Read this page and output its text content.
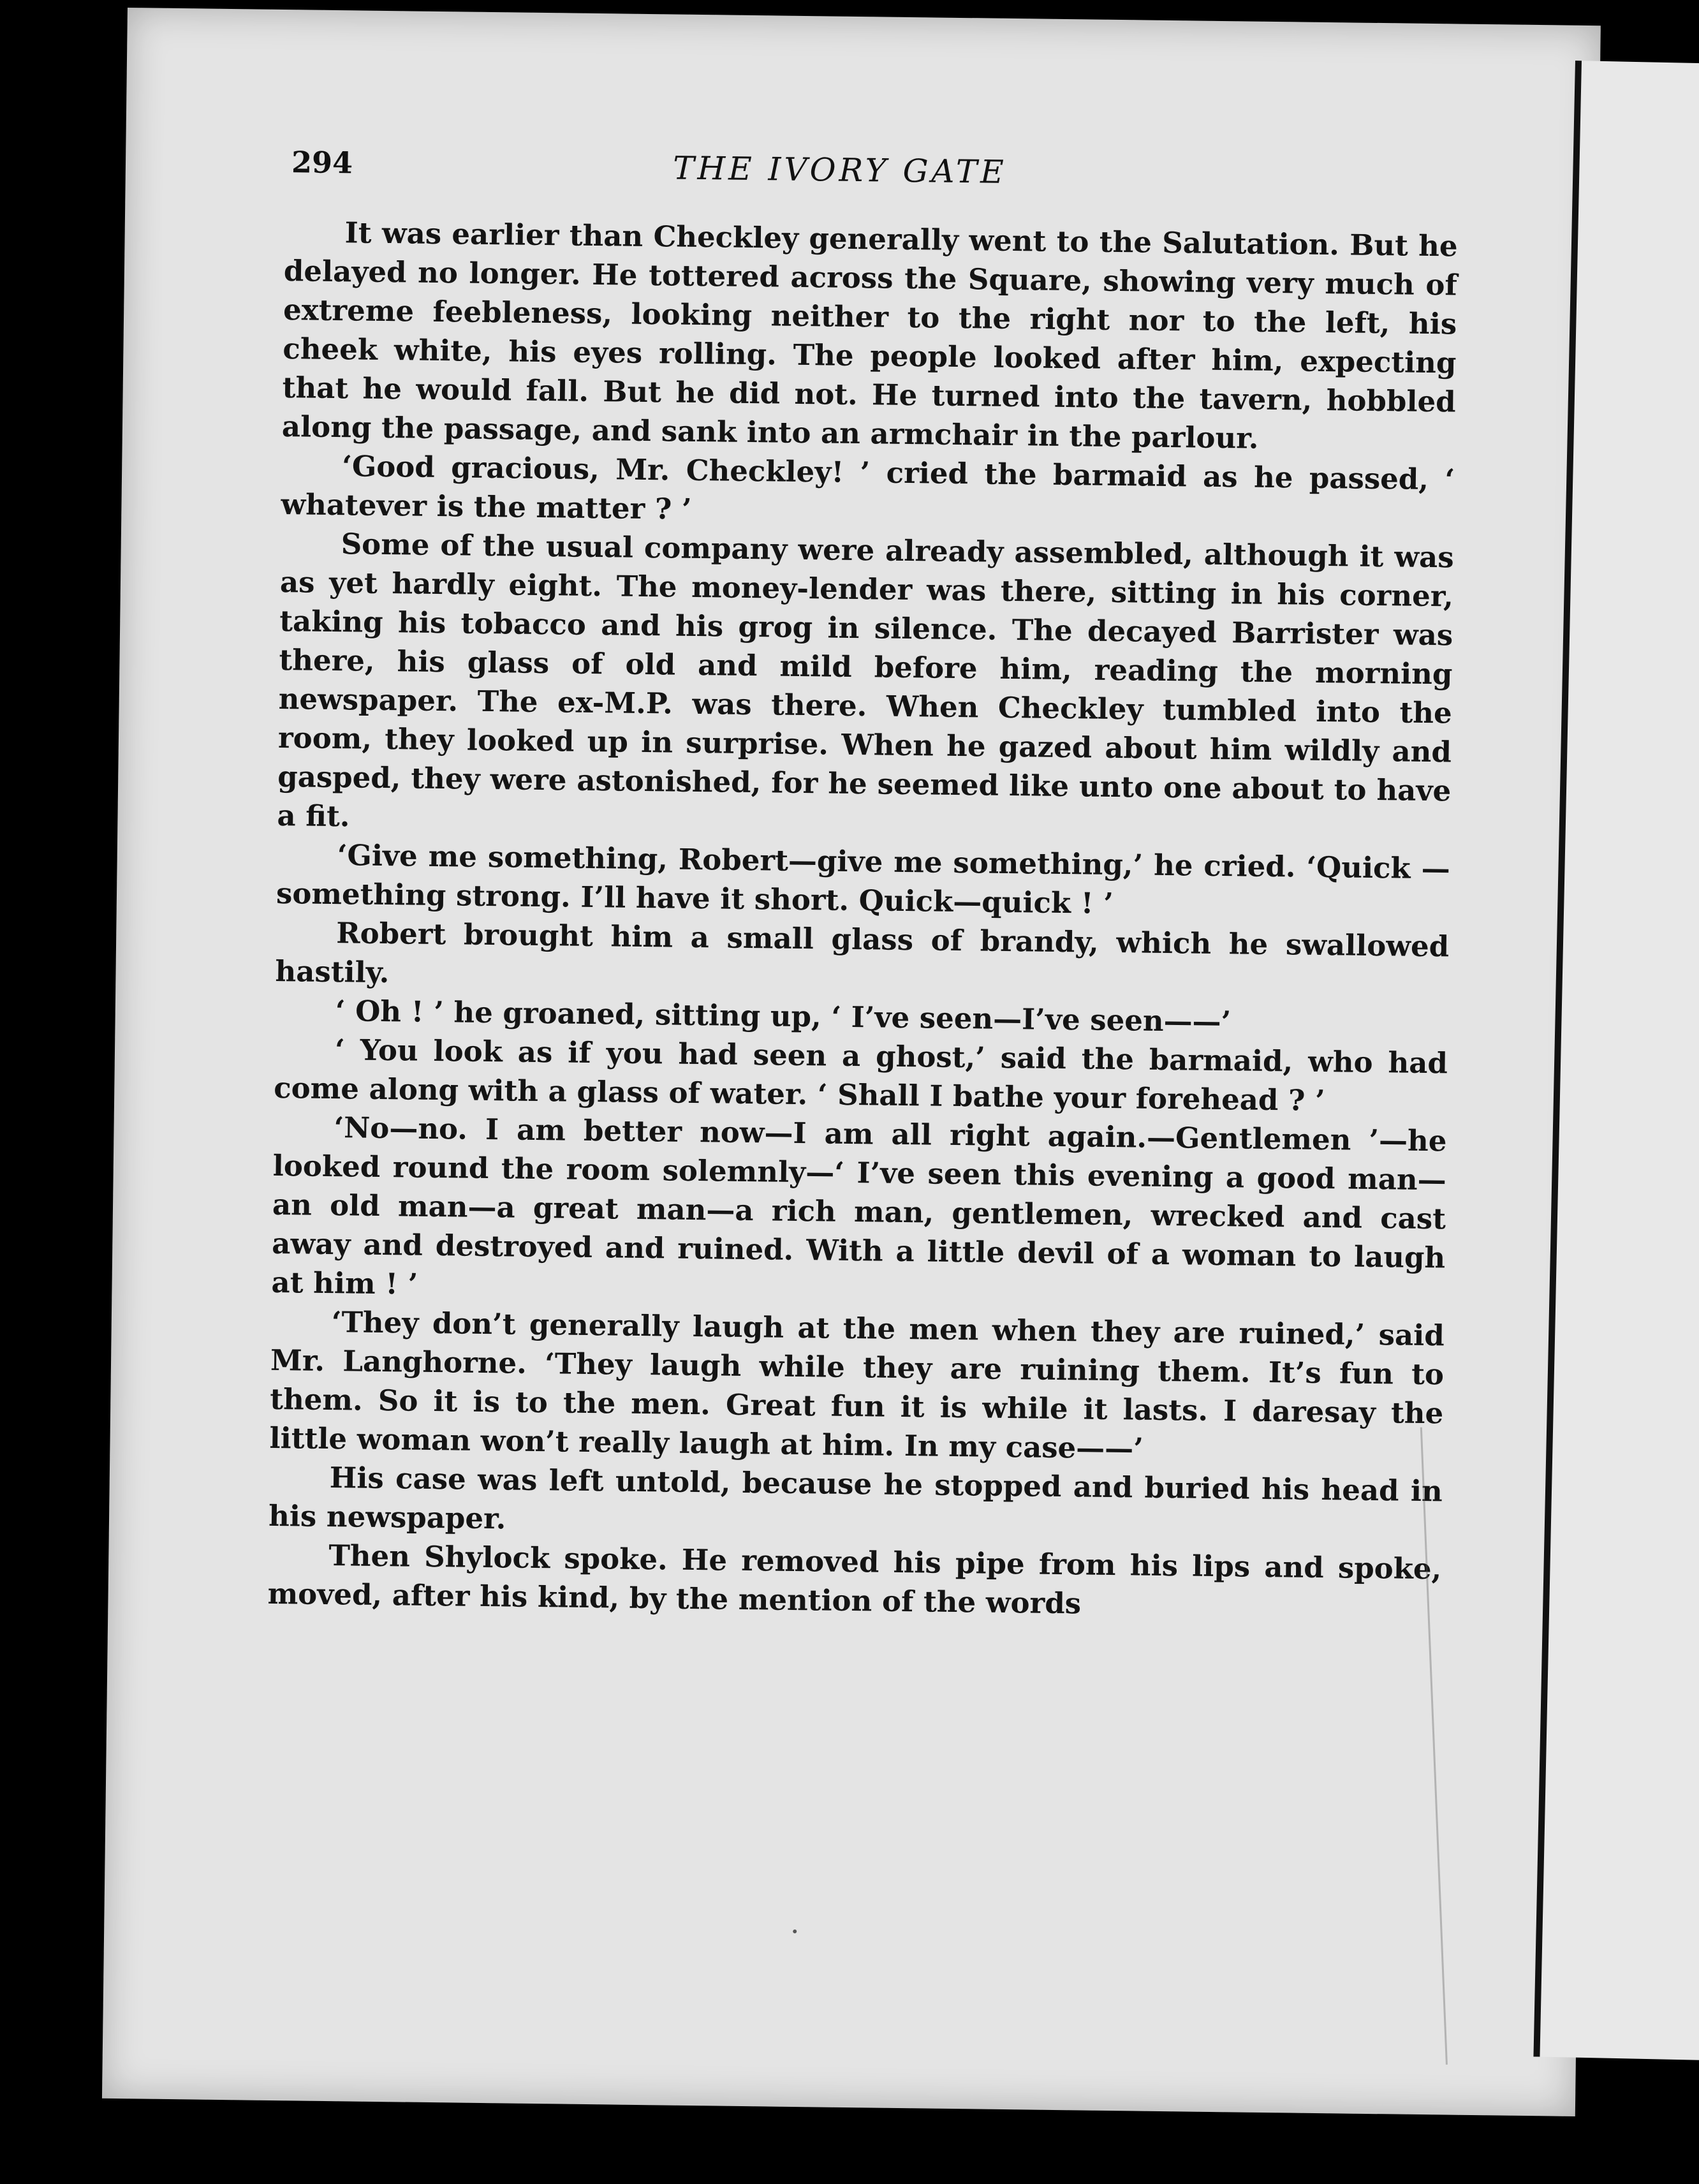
294	THE IVORY GATE

It was earlier than Checkley generally went to the Salutation. But he delayed no longer. He tottered across the Square, showing very much of extreme feebleness, looking neither to the right nor to the left, his cheek white, his eyes rolling. The people looked after him, expecting that he would fall. But he did not. He turned into the tavern, hobbled along the passage, and sank into an armchair in the parlour.

‘Good gracious, Mr. Checkley! ’ cried the barmaid as he passed, ‘ whatever is the matter ? ’

Some of the usual company were already assembled, although it was as yet hardly eight. The money-lender was there, sitting in his corner, taking his tobacco and his grog in silence. The decayed Barrister was there, his glass of old and mild before him, reading the morning newspaper. The ex-M.P. was there. When Checkley tumbled into the room, they looked up in surprise. When he gazed about him wildly and gasped, they were astonished, for he seemed like unto one about to have a fit.

‘Give me something, Robert—give me something,’ he cried. ‘Quick — something strong. I’ll have it short. Quick—quick ! ’

Robert brought him a small glass of brandy, which he swallowed hastily.

‘ Oh ! ’ he groaned, sitting up, ‘ I’ve seen—I’ve seen——’

‘ You look as if you had seen a ghost,’ said the barmaid, who had come along with a glass of water. ‘ Shall I bathe your forehead ? ’

‘No—no. I am better now—I am all right again.—Gentlemen ’—he looked round the room solemnly—‘ I’ve seen this evening a good man—an old man—a great man—a rich man, gentlemen, wrecked and cast away and destroyed and ruined. With a little devil of a woman to laugh at him ! ’

‘They don’t generally laugh at the men when they are ruined,’ said Mr. Langhorne. ‘They laugh while they are ruining them. It’s fun to them. So it is to the men. Great fun it is while it lasts. I daresay the little woman won’t really laugh at him. In my case——’

His case was left untold, because he stopped and buried his head in his newspaper.

Then Shylock spoke. He removed his pipe from his lips and spoke, moved, after his kind, by the mention of the words
